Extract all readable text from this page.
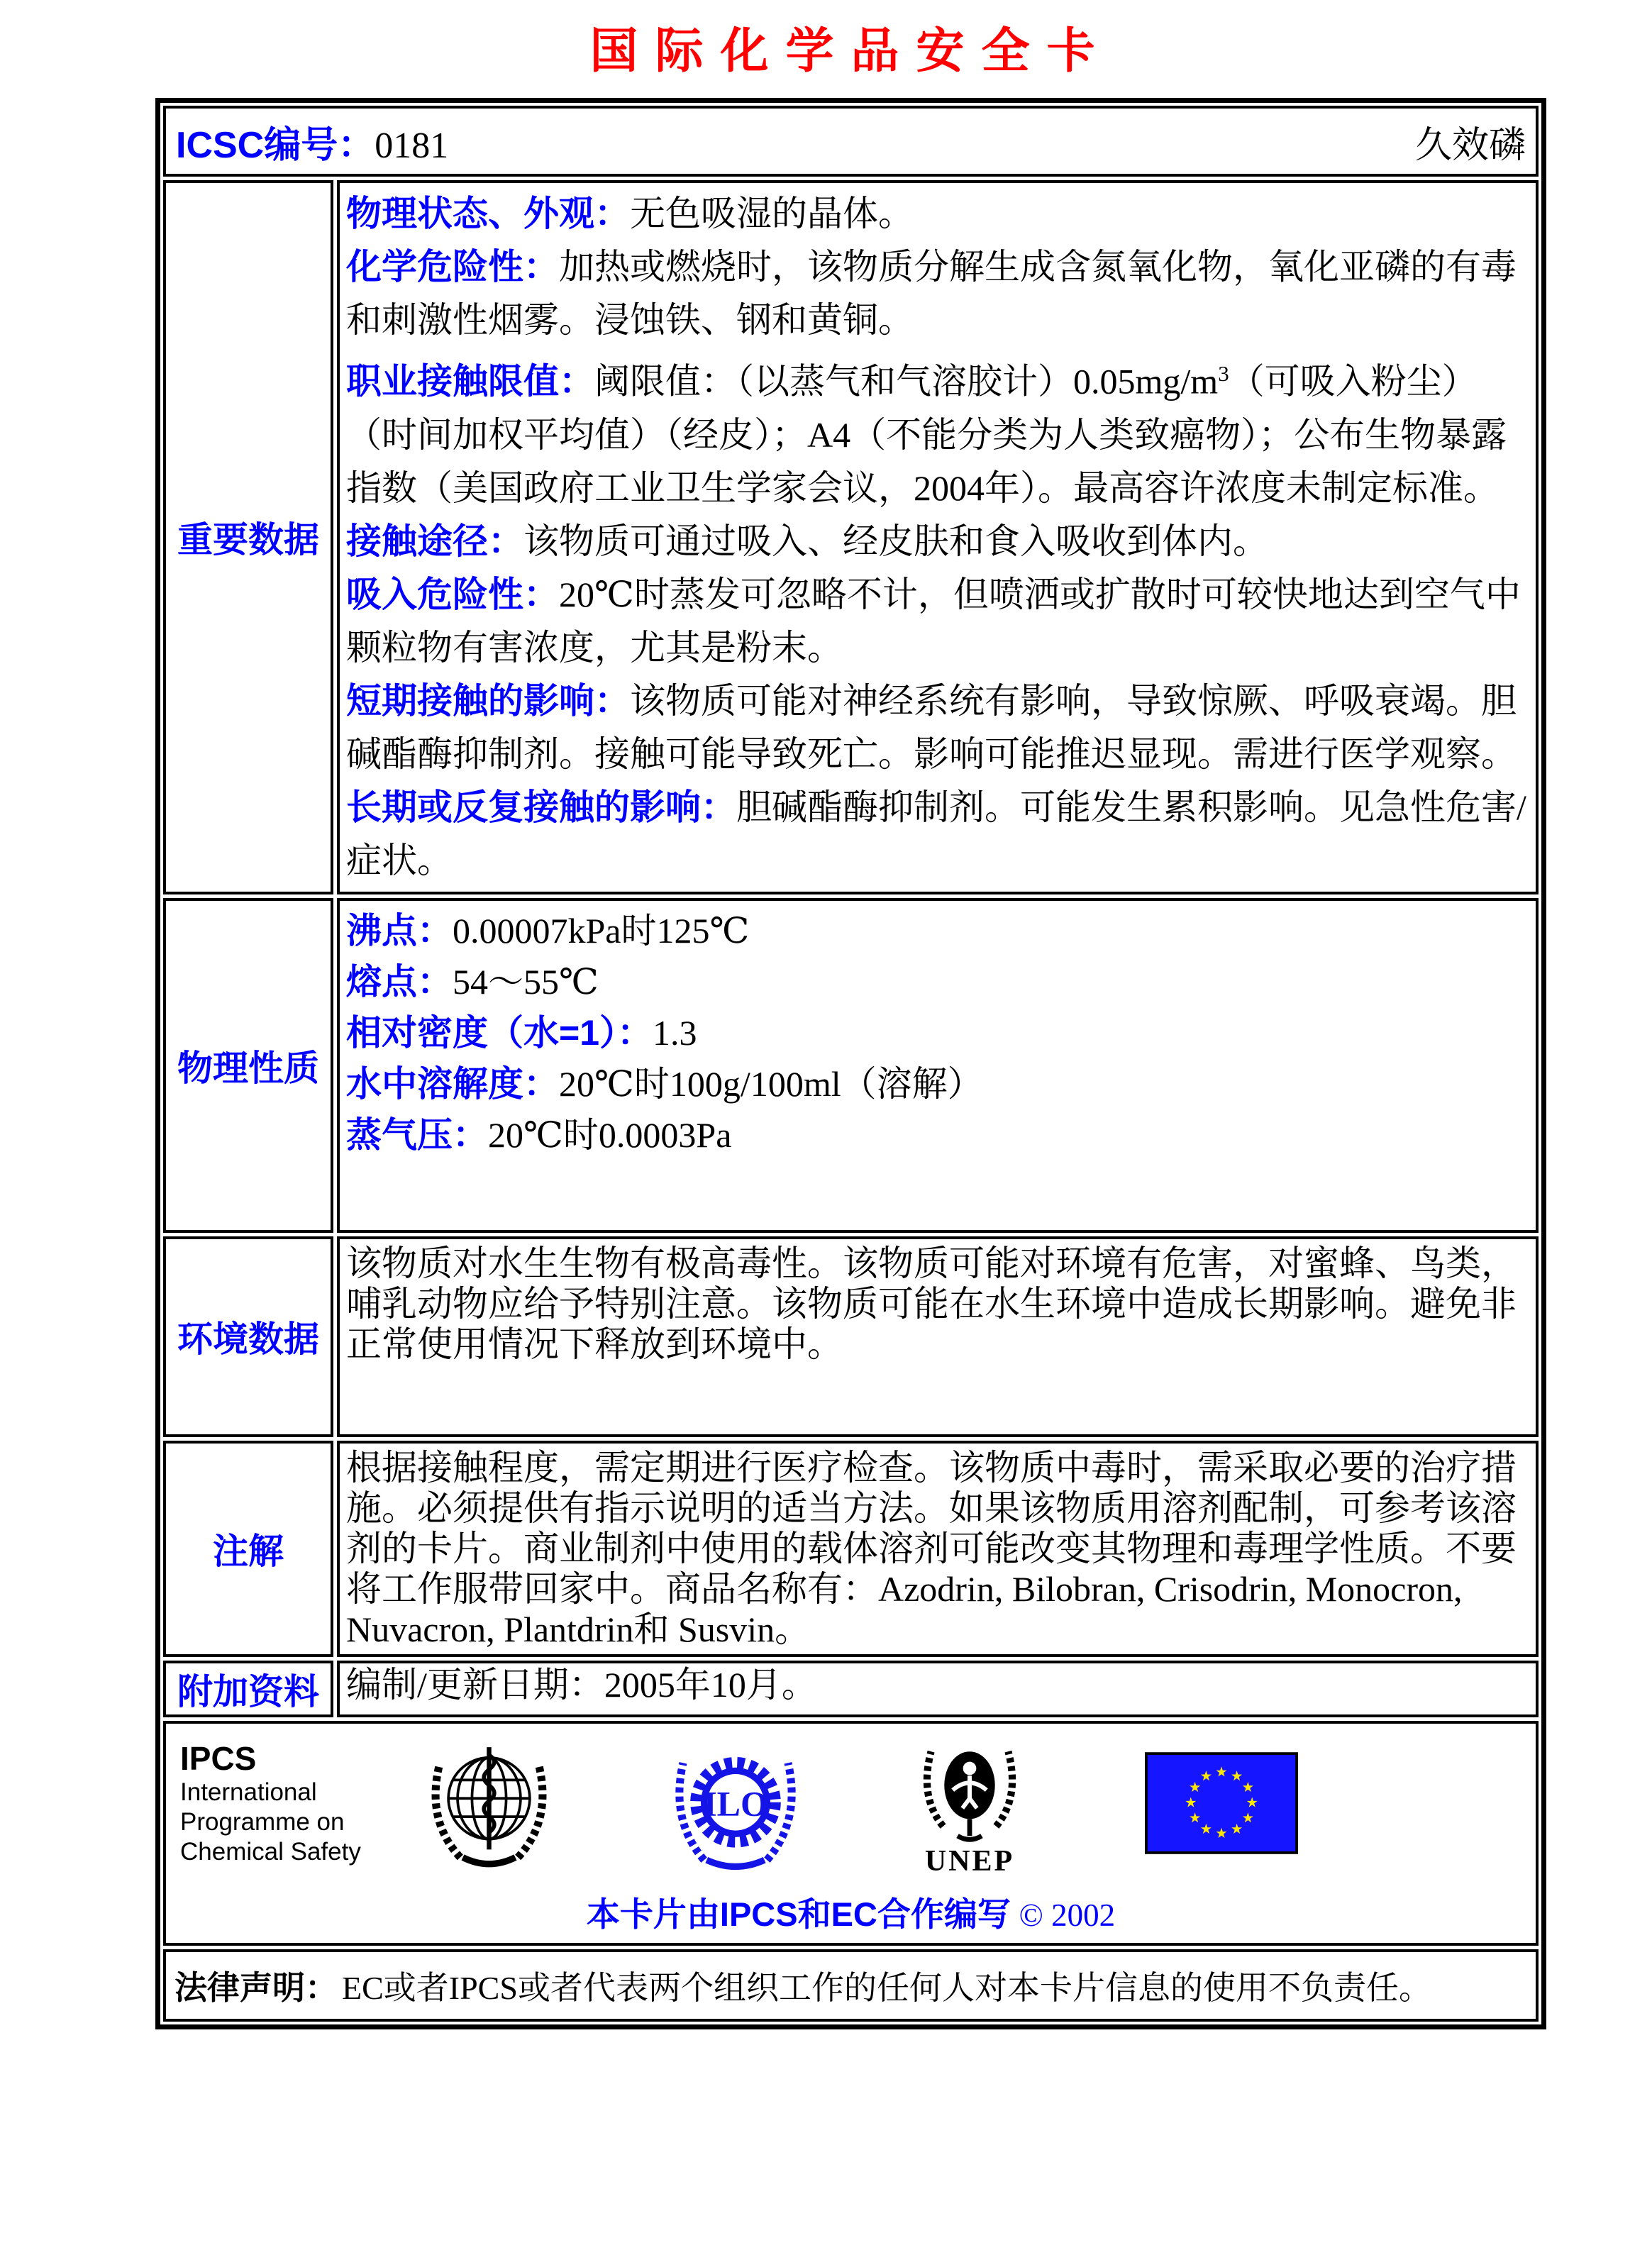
国际化学品安全卡
ICSC编号：0181	久效磷
重要数据

物理状态、外观：无色吸湿的晶体。

化学危险性：加热或燃烧时，该物质分解生成含氮氧化物，氧化亚磷的有毒和刺激性烟雾。浸蚀铁、钢和黄铜。

职业接触限值：阈限值：（以蒸气和气溶胶计）$0.05mg/m^3$（可吸入粉尘）（时间加权平均值）（经皮）；A4（不能分类为人类致癌物）；公布生物暴露指数（美国政府工业卫生学家会议，2004年）。最高容许浓度未制定标准。

接触途径：该物质可通过吸入、经皮肤和食入吸收到体内。

吸入危险性：20℃时蒸发可忽略不计，但喷洒或扩散时可较快地达到空气中颗粒物有害浓度，尤其是粉末。

短期接触的影响：该物质可能对神经系统有影响，导致惊厥、呼吸衰竭。胆碱酯酶抑制剂。接触可能导致死亡。影响可能推迟显现。需进行医学观察。

长期或反复接触的影响：胆碱酯酶抑制剂。可能发生累积影响。见急性危害/症状。

物理性质

沸点：0.00007kPa时125℃

熔点：54～55℃

相对密度（水=1）：1.3

水中溶解度：20℃时100g/100ml（溶解）

蒸气压：20℃时0.0003Pa

环境数据

该物质对水生生物有极高毒性。该物质可能对环境有危害，对蜜蜂、鸟类，哺乳动物应给予特别注意。该物质可能在水生环境中造成长期影响。避免非正常使用情况下释放到环境中。

注解

根据接触程度，需定期进行医疗检查。该物质中毒时，需采取必要的治疗措施。必须提供有指示说明的适当方法。如果该物质用溶剂配制，可参考该溶剂的卡片。商业制剂中使用的载体溶剂可能改变其物理和毒理学性质。不要将工作服带回家中。商品名称有：Azodrin, Bilobran, Crisodrin, Monocron, Nuvacron, Plantdrin和 Susvin。

附加资料 编制/更新日期：2005年10月。

IPCS
International
Programme on
Chemical Safety
ILO
UNEP
本卡片由IPCS和EC合作编写 © 2002
法律声明： EC或者IPCS或者代表两个组织工作的任何人对本卡片信息的使用不负责任。
